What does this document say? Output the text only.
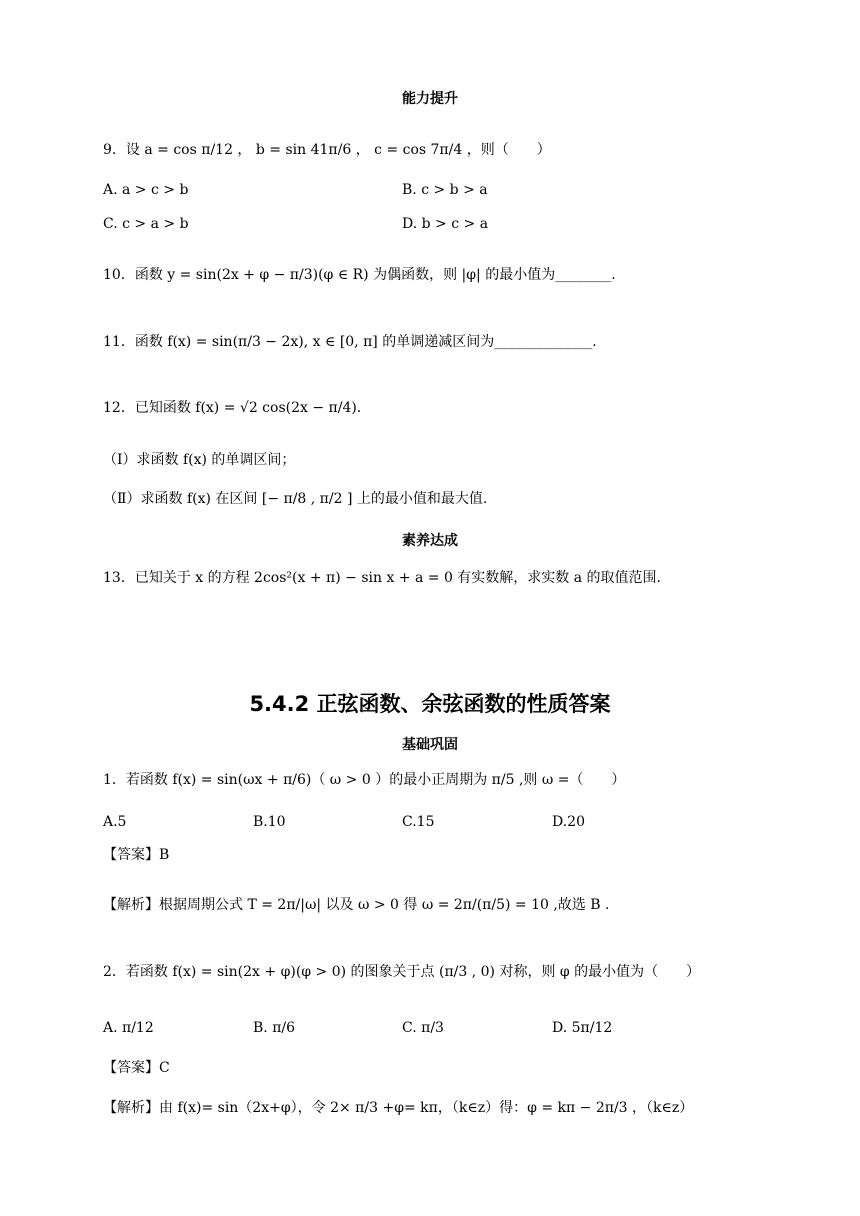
能力提升
9．设 a = cos π/12 ， b = sin 41π/6 ， c = cos 7π/4 ，则（　　）
A. a > c > b	B. c > b > a
C. c > a > b	D. b > c > a
10．函数 y = sin(2x + φ − π/3)(φ ∈ R) 为偶函数，则 |φ| 的最小值为________.
11．函数 f(x) = sin(π/3 − 2x), x ∈ [0, π] 的单调递减区间为______________.
12．已知函数 f(x) = √2 cos(2x − π/4).
（Ⅰ）求函数 f(x) 的单调区间；
（Ⅱ）求函数 f(x) 在区间 [− π/8 , π/2 ] 上的最小值和最大值.
素养达成
13．已知关于 x 的方程 2cos²(x + π) − sin x + a = 0 有实数解，求实数 a 的取值范围.
5.4.2 正弦函数、余弦函数的性质答案
基础巩固
1．若函数 f(x) = sin(ωx + π/6)（ ω > 0 ）的最小正周期为 π/5 ,则 ω =（　　）
A.5	B.10	C.15	D.20
【答案】B
【解析】根据周期公式 T = 2π/|ω| 以及 ω > 0 得 ω = 2π/(π/5) = 10 ,故选 B .
2．若函数 f(x) = sin(2x + φ)(φ > 0) 的图象关于点 (π/3 , 0) 对称，则 φ 的最小值为（　　）
A. π/12	B. π/6	C. π/3	D. 5π/12
【答案】C
【解析】由 f(x)= sin（2x+φ），令 2× π/3 +φ= kπ，（k∈z）得：φ = kπ − 2π/3 ，（k∈z）
